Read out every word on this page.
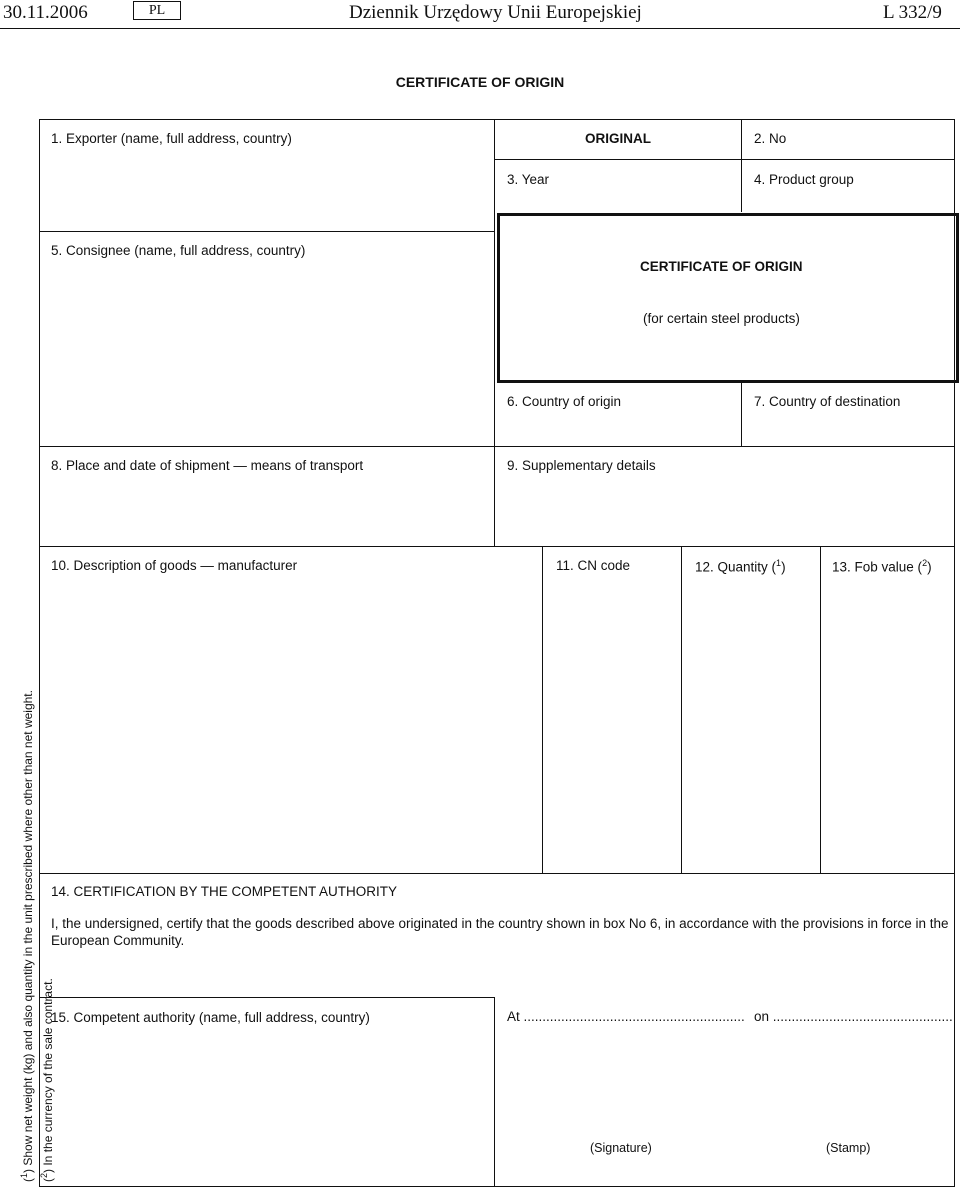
30.11.2006	PL	Dziennik Urzędowy Unii Europejskiej	L 332/9
CERTIFICATE OF ORIGIN
1. Exporter (name, full address, country)	ORIGINAL	2. No
3. Year	4. Product group
5. Consignee (name, full address, country)
CERTIFICATE OF ORIGIN
(for certain steel products)
6. Country of origin	7. Country of destination
8. Place and date of shipment — means of transport	9. Supplementary details
10. Description of goods — manufacturer	11. CN code	12. Quantity ($^1$)	13. Fob value ($^2$)
14. CERTIFICATION BY THE COMPETENT AUTHORITY
I, the undersigned, certify that the goods described above originated in the country shown in box No 6, in accordance with the provisions in force in the European Community.
15. Competent authority (name, full address, country)	At ........................................................... on ................................................
(Signature)	(Stamp)
($^1$) Show net weight (kg) and also quantity in the unit prescribed where other than net weight.
($^2$) In the currency of the sale contract.
